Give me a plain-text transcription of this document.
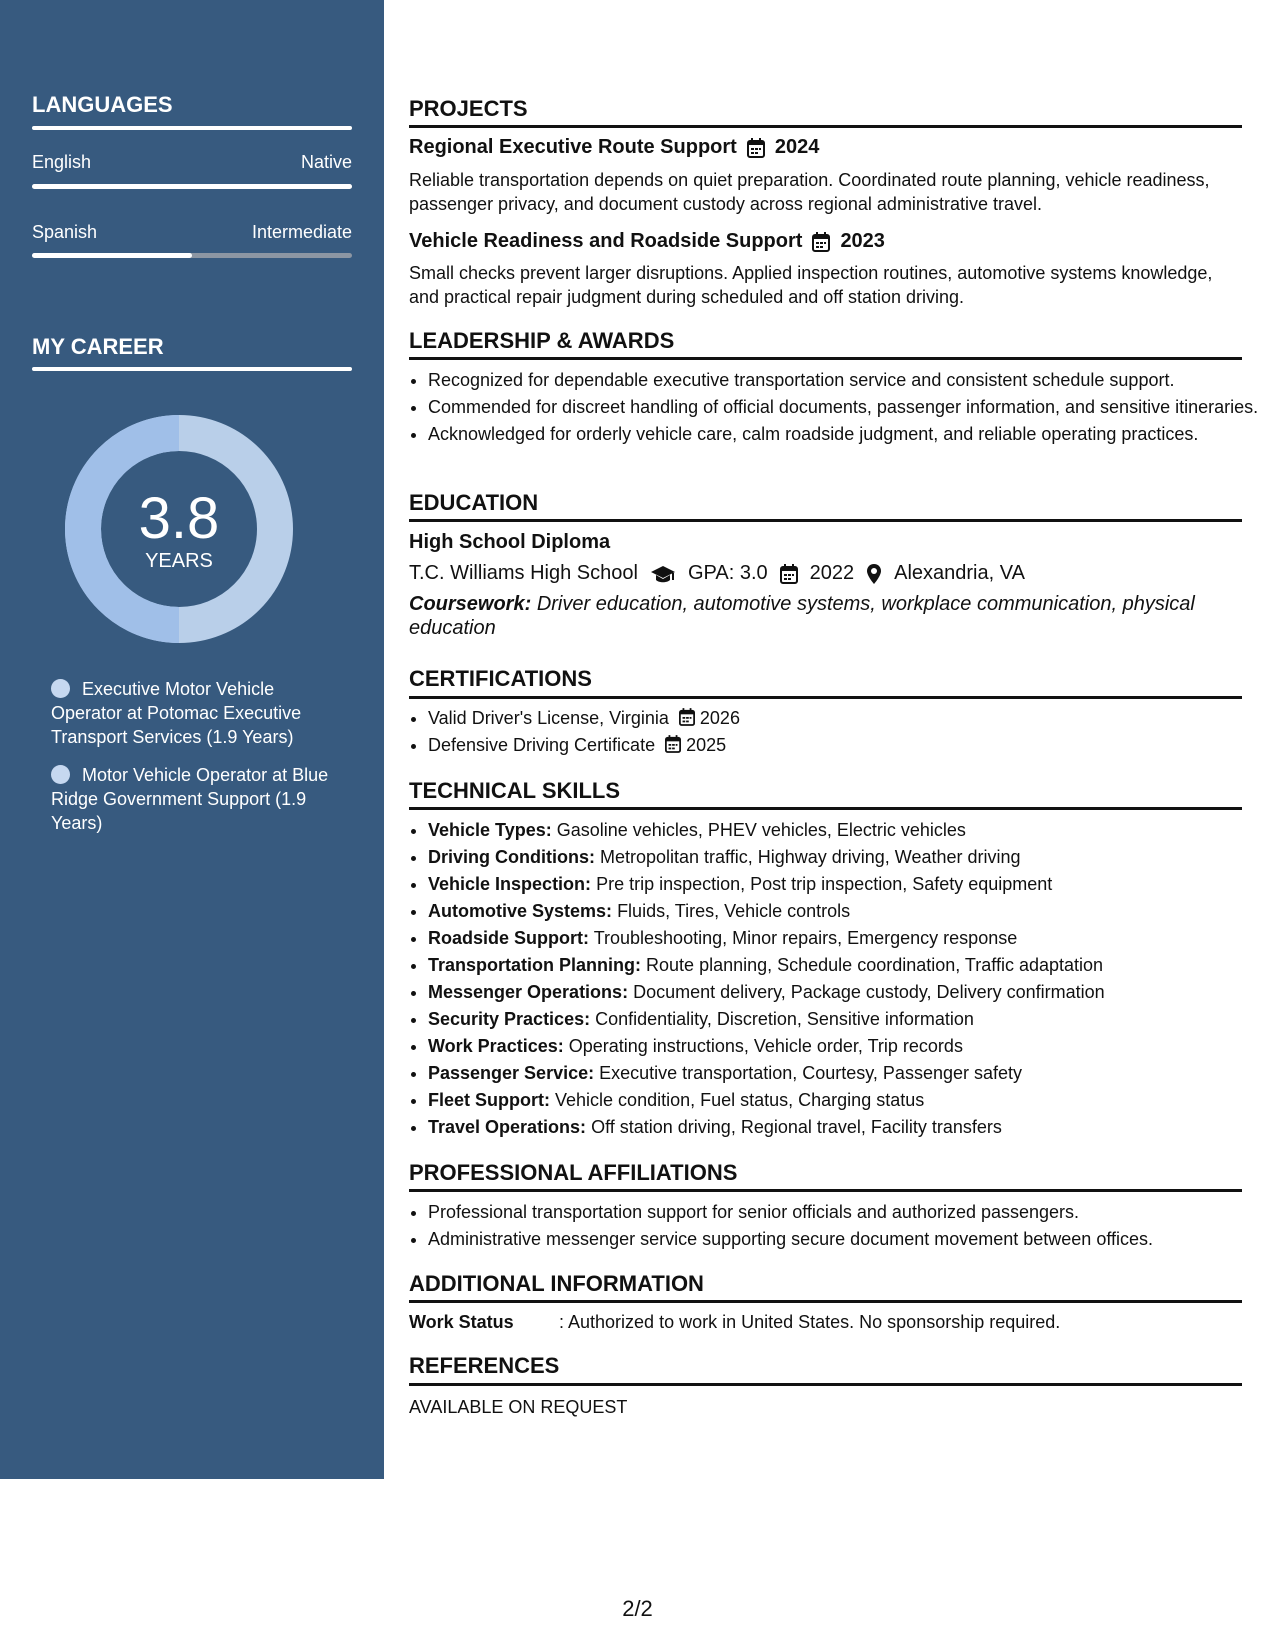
LANGUAGES
English	Native
Spanish	Intermediate
MY CAREER
3.8
YEARS
Executive Motor Vehicle Operator at Potomac Executive Transport Services (1.9 Years)
Motor Vehicle Operator at Blue Ridge Government Support (1.9 Years)
PROJECTS
Regional Executive Route Support 2024
Reliable transportation depends on quiet preparation. Coordinated route planning, vehicle readiness, passenger privacy, and document custody across regional administrative travel.
Vehicle Readiness and Roadside Support 2023
Small checks prevent larger disruptions. Applied inspection routines, automotive systems knowledge, and practical repair judgment during scheduled and off station driving.
LEADERSHIP & AWARDS
• Recognized for dependable executive transportation service and consistent schedule support.
• Commended for discreet handling of official documents, passenger information, and sensitive itineraries.
• Acknowledged for orderly vehicle care, calm roadside judgment, and reliable operating practices.
EDUCATION
High School Diploma
T.C. Williams High School	GPA: 3.0 2022 Alexandria, VA
Coursework: Driver education, automotive systems, workplace communication, physical education
CERTIFICATIONS
• Valid Driver's License, Virginia 2026
• Defensive Driving Certificate 2025
TECHNICAL SKILLS
• Vehicle Types: Gasoline vehicles, PHEV vehicles, Electric vehicles
• Driving Conditions: Metropolitan traffic, Highway driving, Weather driving
• Vehicle Inspection: Pre trip inspection, Post trip inspection, Safety equipment
• Automotive Systems: Fluids, Tires, Vehicle controls
• Roadside Support: Troubleshooting, Minor repairs, Emergency response
• Transportation Planning: Route planning, Schedule coordination, Traffic adaptation
• Messenger Operations: Document delivery, Package custody, Delivery confirmation
• Security Practices: Confidentiality, Discretion, Sensitive information
• Work Practices: Operating instructions, Vehicle order, Trip records
• Passenger Service: Executive transportation, Courtesy, Passenger safety
• Fleet Support: Vehicle condition, Fuel status, Charging status
• Travel Operations: Off station driving, Regional travel, Facility transfers
PROFESSIONAL AFFILIATIONS
• Professional transportation support for senior officials and authorized passengers.
• Administrative messenger service supporting secure document movement between offices.
ADDITIONAL INFORMATION
Work Status	: Authorized to work in United States. No sponsorship required.
REFERENCES
AVAILABLE ON REQUEST
2/2
